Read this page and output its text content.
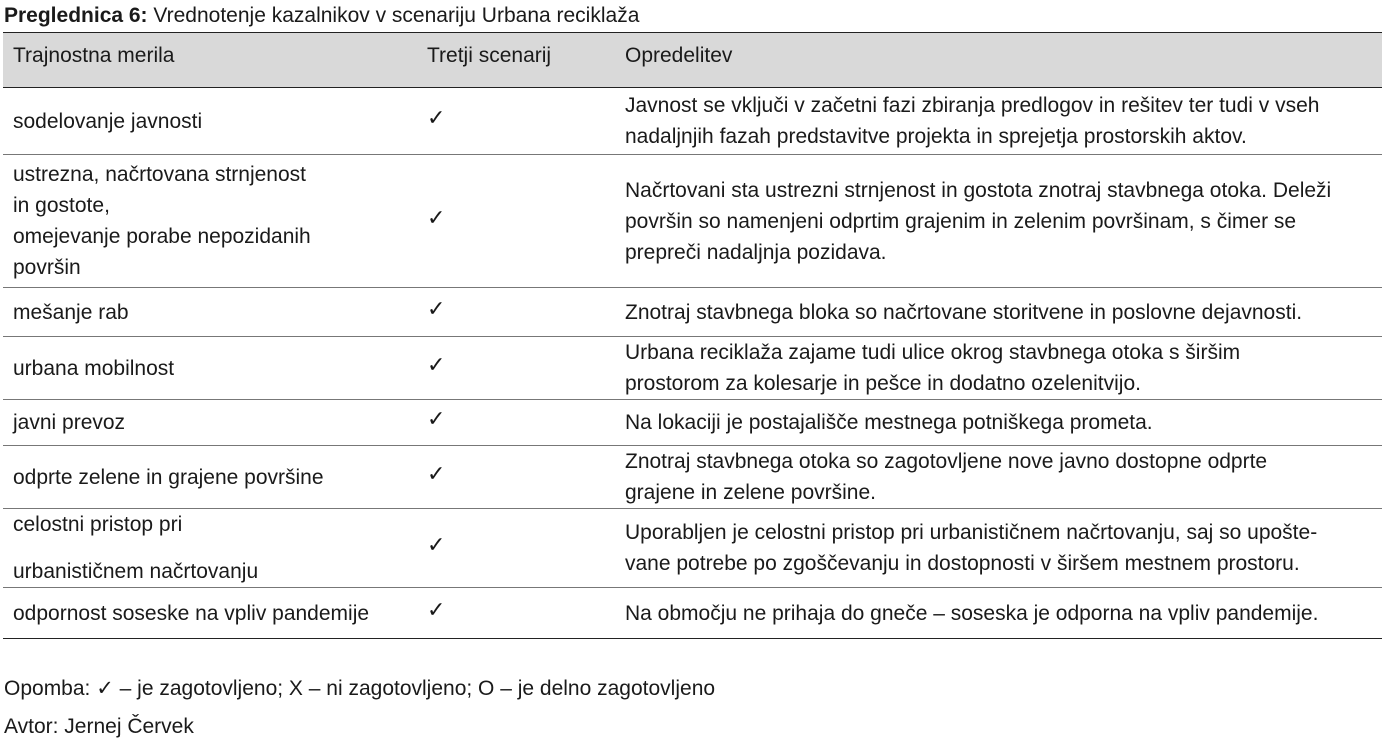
Preglednica 6: Vrednotenje kazalnikov v scenariju Urbana reciklaža
Trajnostna merila	Tretji scenarij	Opredelitev

sodelovanje javnosti	✓	Javnost se vključi v začetni fazi zbiranja predlogov in rešitev ter tudi v vseh
nadaljnjih fazah predstavitve projekta in sprejetja prostorskih aktov.

ustrezna, načrtovana strnjenost
in gostote,
omejevanje porabe nepozidanih
površin	✓	Načrtovani sta ustrezni strnjenost in gostota znotraj stavbnega otoka. Deleži
površin so namenjeni odprtim grajenim in zelenim površinam, s čimer se
prepreči nadaljnja pozidava.

mešanje rab	✓	Znotraj stavbnega bloka so načrtovane storitvene in poslovne dejavnosti.

urbana mobilnost	✓	Urbana reciklaža zajame tudi ulice okrog stavbnega otoka s širšim
prostorom za kolesarje in pešce in dodatno ozelenitvijo.

javni prevoz	✓	Na lokaciji je postajališče mestnega potniškega prometa.

odprte zelene in grajene površine	✓	Znotraj stavbnega otoka so zagotovljene nove javno dostopne odprte
grajene in zelene površine.

celostni pristop pri
urbanističnem načrtovanju	✓	Uporabljen je celostni pristop pri urbanističnem načrtovanju, saj so upošte-
vane potrebe po zgoščevanju in dostopnosti v širšem mestnem prostoru.

odpornost soseske na vpliv pandemije	✓	Na območju ne prihaja do gneče – soseska je odporna na vpliv pandemije.
Opomba: ✓ – je zagotovljeno; X – ni zagotovljeno; O – je delno zagotovljeno
Avtor: Jernej Červek
